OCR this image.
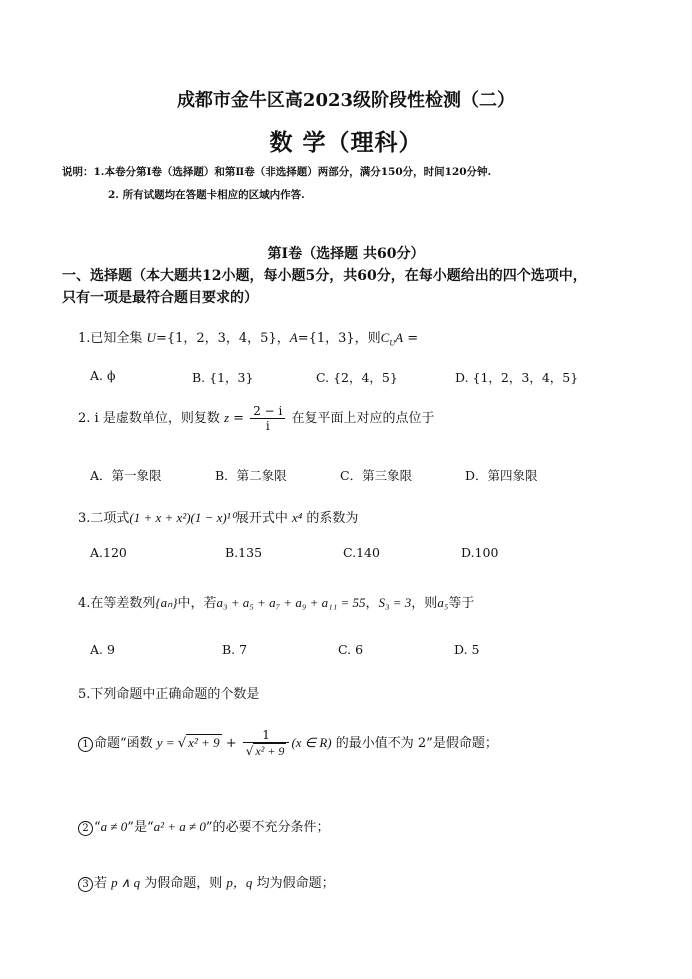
成都市金牛区高2023级阶段性检测（二）
数 学（理科）
说明：1.本卷分第Ⅰ卷（选择题）和第Ⅱ卷（非选择题）两部分，满分150分，时间120分钟.
2. 所有试题均在答题卡相应的区域内作答.
第Ⅰ卷（选择题 共60分）
一、选择题（本大题共12小题，每小题5分，共60分，在每小题给出的四个选项中，
只有一项是最符合题目要求的）
1.已知全集 U={1，2，3，4，5}，A={1，3}，则$C_UA$ =
A. ϕ	B. {1，3}	C. {2，4，5}	D. {1，2，3，4，5}
2. i 是虚数单位，则复数 $z = \frac{2 - i}{i}$ 在复平面上对应的点位于
A．第一象限	B．第二象限	C．第三象限	D．第四象限
3.二项式(1 + x + x²)(1 − x)¹⁰展开式中 x⁴ 的系数为
A.120	B.135	C.140	D.100
4.在等差数列{aₙ}中，若a₃ + a₅ + a₇ + a₉ + a₁₁ = 55，S₃ = 3，则a₅等于
A. 9	B. 7	C. 6	D. 5
5.下列命题中正确命题的个数是
1 命题“函数 y = √ $x^2 + 9 + \frac{1}{\text{√ x² + 9}} (x$ ∈ R) 的最小值不为 2”是假命题；
2 “a ≠ 0”是“a² + a ≠ 0”的必要不充分条件；
3 若 p ∧ q 为假命题，则 p，q 均为假命题；
